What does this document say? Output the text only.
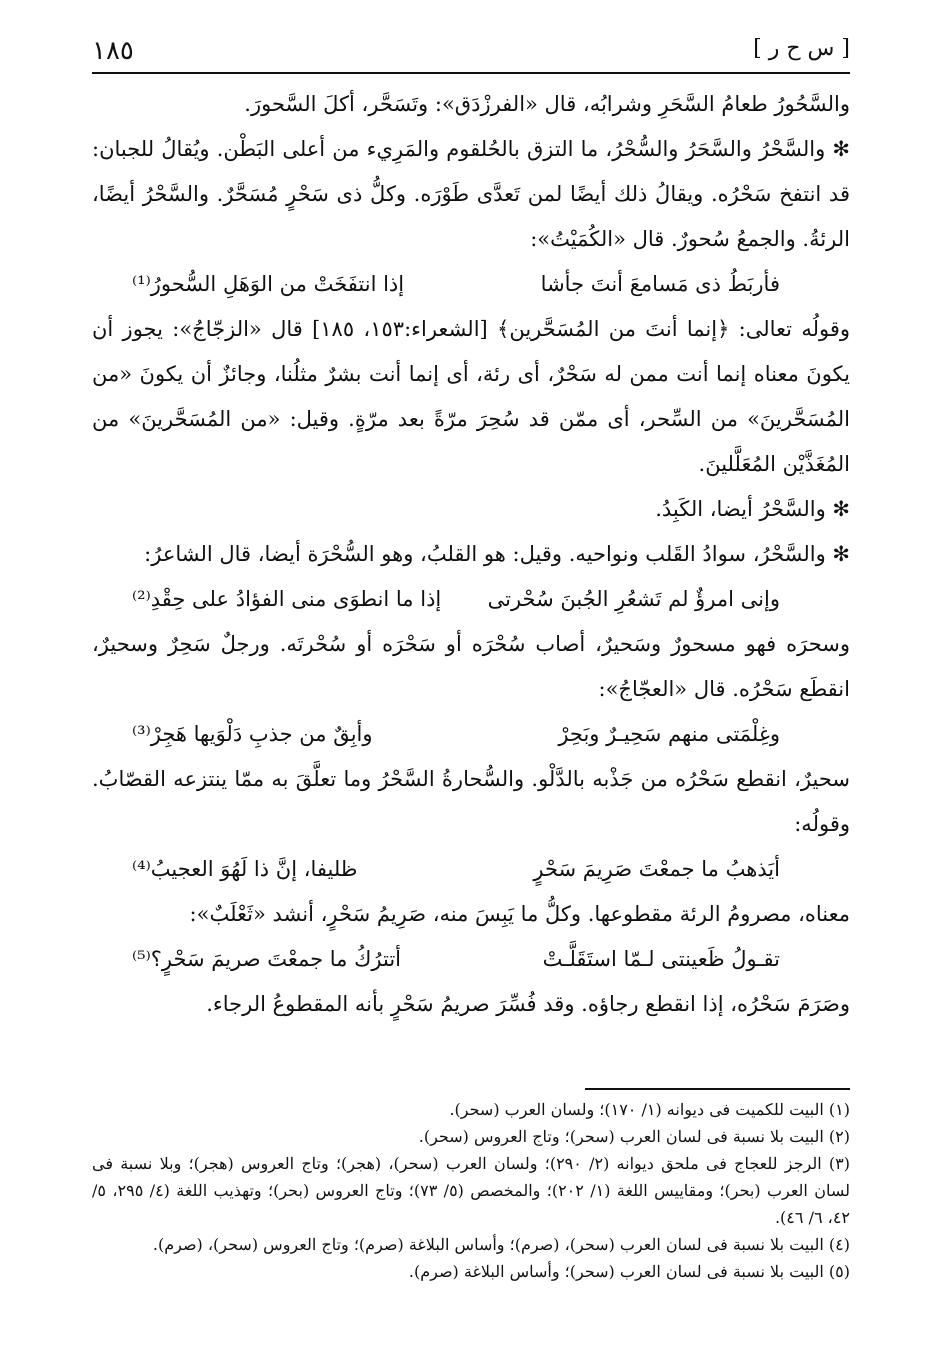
[ س ح ر ]
١٨٥

والسَّحُورُ طعامُ السَّحَرِ وشرابُه، قال «الفرزْدَق»: وتَسَحَّر، أكلَ السَّحورَ.

✻ والسَّحْرُ والسَّحَرُ والسُّحْرُ، ما التزق بالحُلقوم والمَرِيء من أعلى البَطْن. ويُقالُ للجبان: قد انتفخ سَحْرُه. ويقالُ ذلك أيضًا لمن تَعدَّى طَوْرَه. وكلُّ ذى سَحْرٍ مُسَحَّرٌ. والسَّحْرُ أيضًا، الرئةُ. والجمعُ سُحورٌ. قال «الكُمَيْتُ»:

فأربَطُ ذى مَسامعَ أنتَ جأشا
إذا انتفَخَتْ من الوَهَلِ السُّحورُ⁽¹⁾

وقولُه تعالى: ﴿إنما أنتَ من المُسَحَّرين﴾ [الشعراء:١٥٣، ١٨٥] قال «الزجّاجُ»: يجوز أن يكونَ معناه إنما أنت ممن له سَحْرٌ، أى رئة، أى إنما أنت بشرٌ مثلُنا، وجائزٌ أن يكونَ «من المُسَحَّرينَ» من السِّحر، أى ممّن قد سُحِرَ مرّةً بعد مرّةٍ. وقيل: «من المُسَحَّرينَ» من المُغَذَّيْن المُعَلَّلينَ.

✻ والسَّحْرُ أيضا، الكَبِدُ.

✻ والسَّحْرُ، سوادُ القَلب ونواحيه. وقيل: هو القلبُ، وهو السُّحْرَة أيضا، قال الشاعرُ:

وإنى امرؤٌ لم تَشعُرِ الجُبنَ سُحْرتى
إذا ما انطوَى منى الفؤادُ على حِقْدِ⁽²⁾

وسحرَه فهو مسحورٌ وسَحيرٌ، أصاب سُحْرَه أو سَحْرَه أو سُحْرتَه. ورجلٌ سَحِرٌ وسحيرٌ، انقطَع سَحْرُه. قال «العجّاجُ»:

وغِلْمَتى منهم سَحِيـرٌ وبَحِرْ
وأبِقٌ من جذبِ دَلْوَيها هَجِرْ⁽³⁾

سحيرٌ، انقطع سَحْرُه من جَذْبه بالدَّلْو. والسُّحارةُ السَّحْرُ وما تعلَّقَ به ممّا ينتزعه القصّابُ. وقولُه:

أيَذهبُ ما جمعْتَ صَرِيمَ سَحْرٍ
ظليفا، إنَّ ذا لَهُوَ العجيبُ⁽⁴⁾

معناه، مصرومُ الرئة مقطوعها. وكلُّ ما يَبِسَ منه، صَرِيمُ سَحْرٍ، أنشد «ثَعْلَبٌ»:

تقـولُ ظَعينتى لـمّا استَقَلَّـتْ
أتترُكُ ما جمعْتَ صريمَ سَحْرٍ؟⁽⁵⁾

وصَرَمَ سَحْرُه، إذا انقطع رجاؤه. وقد فُسِّرَ صريمُ سَحْرٍ بأنه المقطوعُ الرجاء.

(١) البيت للكميت فى ديوانه (١/ ١٧٠)؛ ولسان العرب (سحر).

(٢) البيت بلا نسبة فى لسان العرب (سحر)؛ وتاج العروس (سحر).

(٣) الرجز للعجاج فى ملحق ديوانه (٢/ ٢٩٠)؛ ولسان العرب (سحر)، (هجر)؛ وتاج العروس (هجر)؛ وبلا نسبة فى لسان العرب (بحر)؛ ومقاييس اللغة (١/ ٢٠٢)؛ والمخصص (٥/ ٧٣)؛ وتاج العروس (بحر)؛ وتهذيب اللغة (٤/ ٢٩٥، ٥/ ٤٢، ٦/ ٤٦).

(٤) البيت بلا نسبة فى لسان العرب (سحر)، (صرم)؛ وأساس البلاغة (صرم)؛ وتاج العروس (سحر)، (صرم).

(٥) البيت بلا نسبة فى لسان العرب (سحر)؛ وأساس البلاغة (صرم).
